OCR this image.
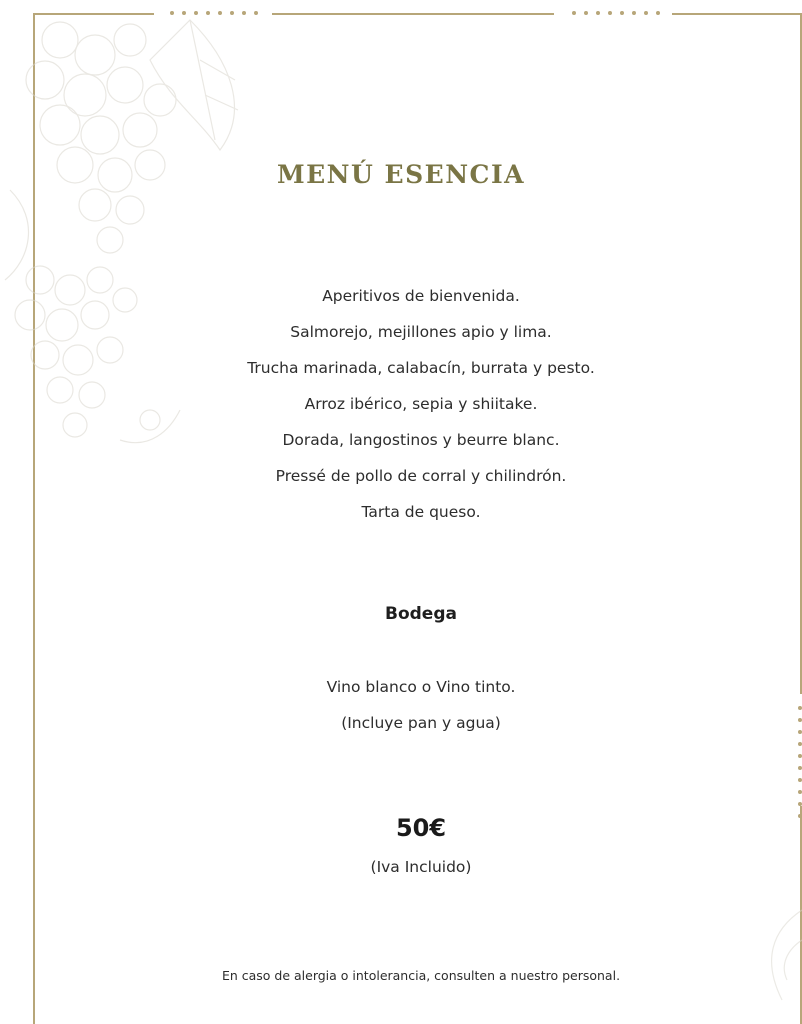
MENÚ ESENCIA
Aperitivos de bienvenida.
Salmorejo, mejillones apio y lima.
Trucha marinada, calabacín, burrata y pesto.
Arroz ibérico, sepia y shiitake.
Dorada, langostinos y beurre blanc.
Pressé de pollo de corral y chilindrón.
Tarta de queso.
Bodega
Vino blanco o Vino tinto.
(Incluye pan y agua)
50€
(Iva Incluido)
En caso de alergia o intolerancia, consulten a nuestro personal.
